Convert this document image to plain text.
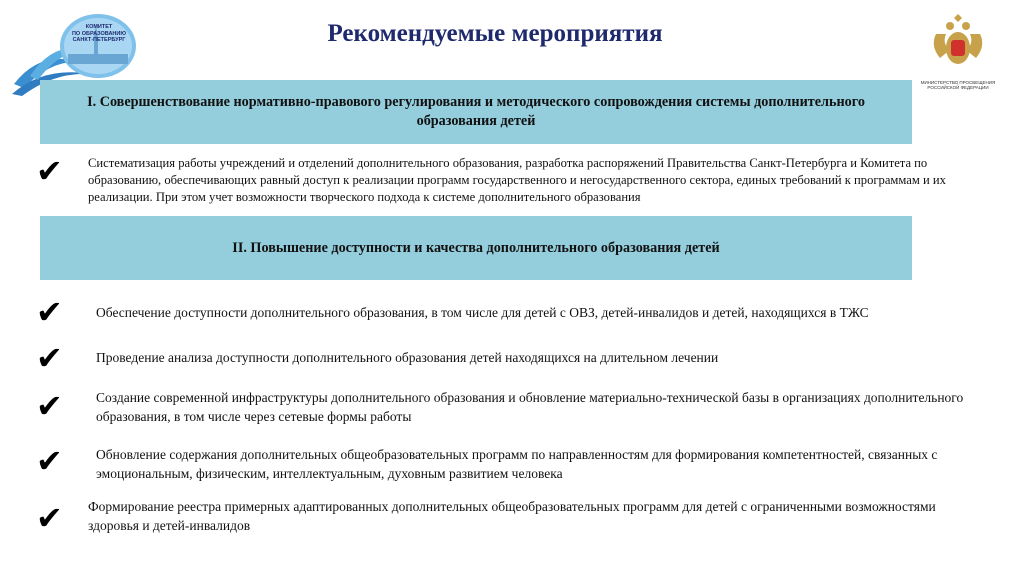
КОМИТЕТ
ПО ОБРАЗОВАНИЮ
САНКТ-ПЕТЕРБУРГ	Рекомендуемые мероприятия
МИНИСТЕРСТВО ПРОСВЕЩЕНИЯ
РОССИЙСКОЙ ФЕДЕРАЦИИ
I. Совершенствование нормативно-правового регулирования и методического сопровождения системы дополнительного образования детей
✔ Систематизация работы учреждений и отделений дополнительного образования, разработка распоряжений Правительства Санкт-Петербурга и Комитета по образованию, обеспечивающих равный доступ к реализации программ государственного и негосударственного сектора, единых требований к программам и их реализации. При этом учет возможности творческого подхода к системе дополнительного образования
II. Повышение доступности и качества дополнительного образования детей
✔ Обеспечение доступности дополнительного образования, в том числе для детей с ОВЗ, детей-инвалидов и детей, находящихся в ТЖС
✔ Проведение анализа доступности дополнительного образования детей находящихся на длительном лечении
✔ Создание современной инфраструктуры дополнительного образования и обновление материально-технической базы в организациях дополнительного образования, в том числе через сетевые формы работы
✔ Обновление содержания дополнительных общеобразовательных программ по направленностям для формирования компетентностей, связанных с эмоциональным, физическим, интеллектуальным, духовным развитием человека
✔ Формирование реестра примерных адаптированных дополнительных общеобразовательных программ для детей с ограниченными возможностями здоровья и детей-инвалидов
